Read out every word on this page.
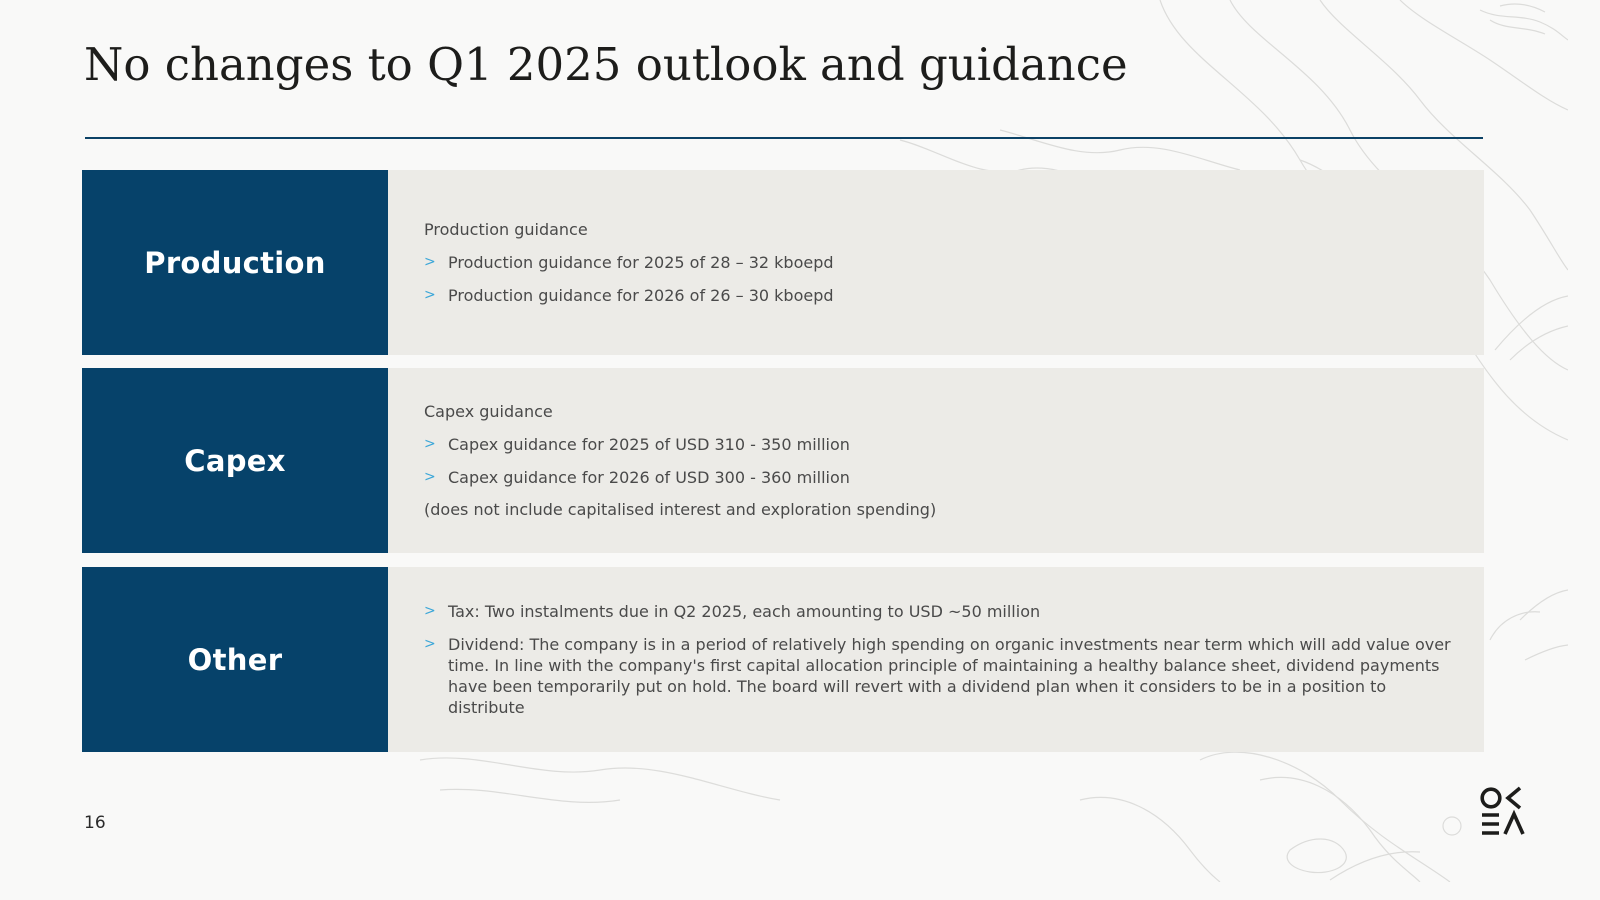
No changes to Q1 2025 outlook and guidance
Production
Production guidance
> Production guidance for 2025 of 28 – 32 kboepd
> Production guidance for 2026 of 26 – 30 kboepd
Capex
Capex guidance
> Capex guidance for 2025 of USD 310 - 350 million
> Capex guidance for 2026 of USD 300 - 360 million
(does not include capitalised interest and exploration spending)
Other
> Tax: Two instalments due in Q2 2025, each amounting to USD ~50 million
> Dividend: The company is in a period of relatively high spending on organic investments near term which will add value over time. In line with the company's first capital allocation principle of maintaining a healthy balance sheet, dividend payments have been temporarily put on hold. The board will revert with a dividend plan when it considers to be in a position to distribute
16
